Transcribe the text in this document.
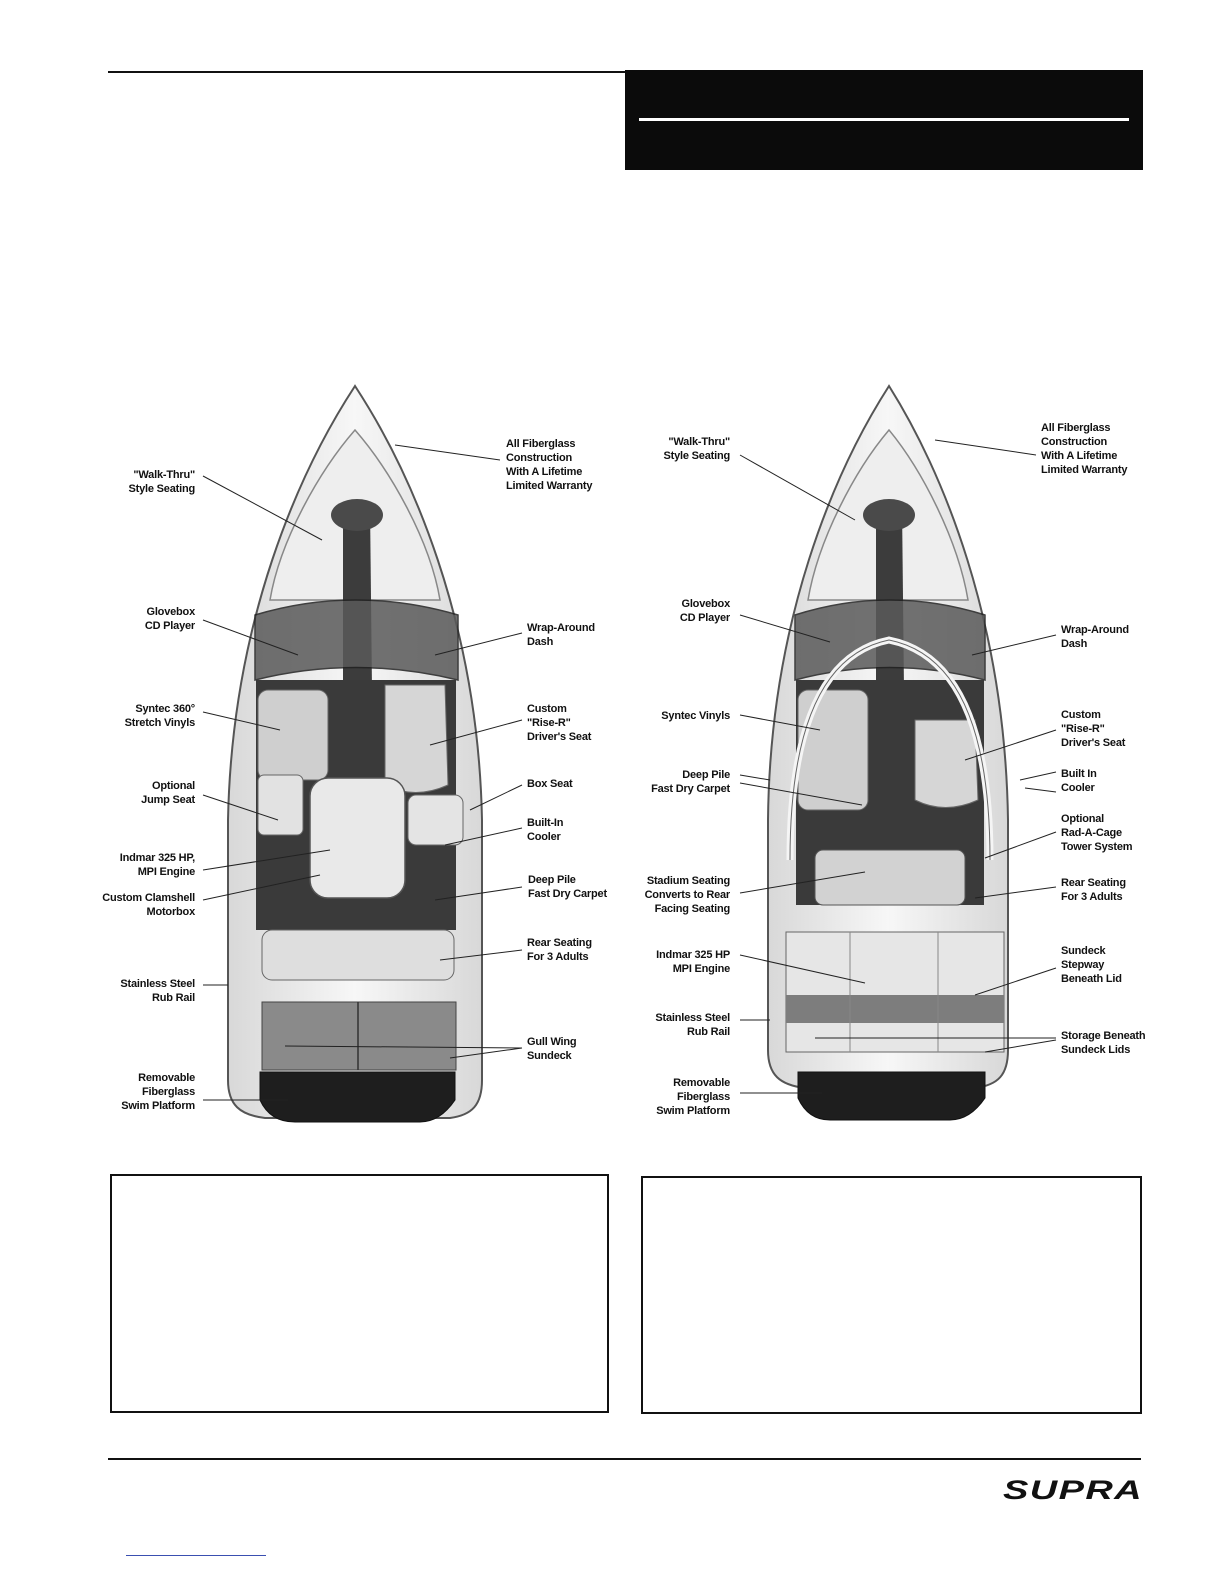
All Fiberglass
Construction
With A Lifetime
Limited Warranty
"Walk-Thru"
Style Seating
Glovebox
CD Player	Wrap-Around
Dash
Syntec 360°
Stretch Vinyls
Custom
"Rise-R"
Driver's Seat
Optional
Jump Seat
Box Seat
Built-In
Cooler
Indmar 325 HP,
MPI Engine
Deep Pile
Fast Dry Carpet
Custom Clamshell
Motorbox
Rear Seating
For 3 Adults
Stainless Steel
Rub Rail
Gull Wing
Sundeck
Removable
Fiberglass
Swim Platform
All Fiberglass
Construction
With A Lifetime
Limited Warranty
"Walk-Thru"
Style Seating
Glovebox
CD Player
Wrap-Around
Dash
Syntec Vinyls	Custom
"Rise-R"
Driver's Seat
Deep Pile
Fast Dry Carpet
Built In
Cooler
Optional
Rad-A-Cage
Tower System
Stadium Seating
Converts to Rear
Facing Seating
Rear Seating
For 3 Adults
Indmar 325 HP
MPI Engine
Sundeck
Stepway
Beneath Lid
Stainless Steel
Rub Rail	Storage Beneath
Sundeck Lids
Removable
Fiberglass
Swim Platform
SUPRA
